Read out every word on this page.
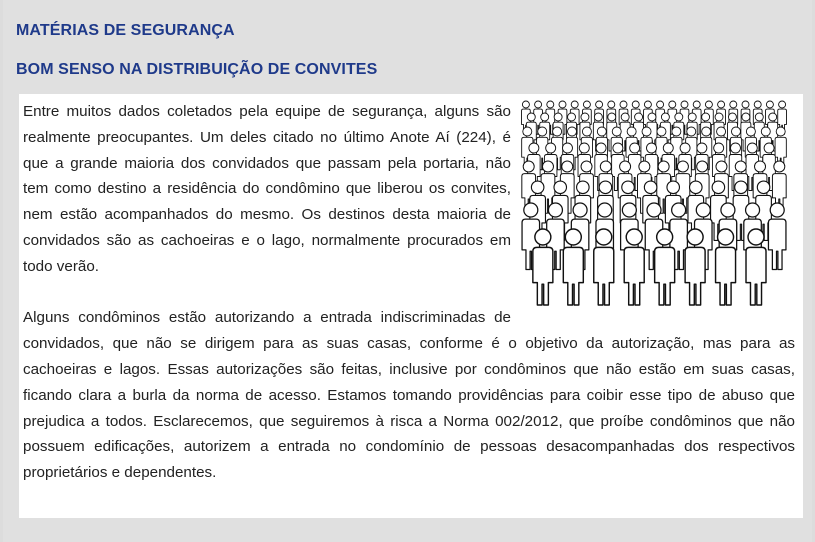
MATÉRIAS DE SEGURANÇA
BOM SENSO NA DISTRIBUIÇÃO DE CONVITES

Entre muitos dados coletados pela equipe de segurança, alguns são realmente preocupantes. Um deles citado no último Anote Aí (224), é que a grande maioria dos convidados que passam pela portaria, não tem como destino a residência do condômino que liberou os convites, nem estão acompanhados do mesmo. Os destinos desta maioria de convidados são as cachoeiras e o lago, normalmente procurados em todo verão.

Alguns condôminos estão autorizando a entrada indiscriminadas de convidados, que não se dirigem para as suas casas, conforme é o objetivo da autorização, mas para as cachoeiras e lagos. Essas autorizações são feitas, inclusive por condôminos que não estão em suas casas, ficando clara a burla da norma de acesso. Estamos tomando providências para coibir esse tipo de abuso que prejudica a todos. Esclarecemos, que seguiremos à risca a Norma 002/2012, que proíbe condôminos que não possuem edificações, autorizem a entrada no condomínio de pessoas desacompanhadas dos respectivos proprietários e dependentes.
